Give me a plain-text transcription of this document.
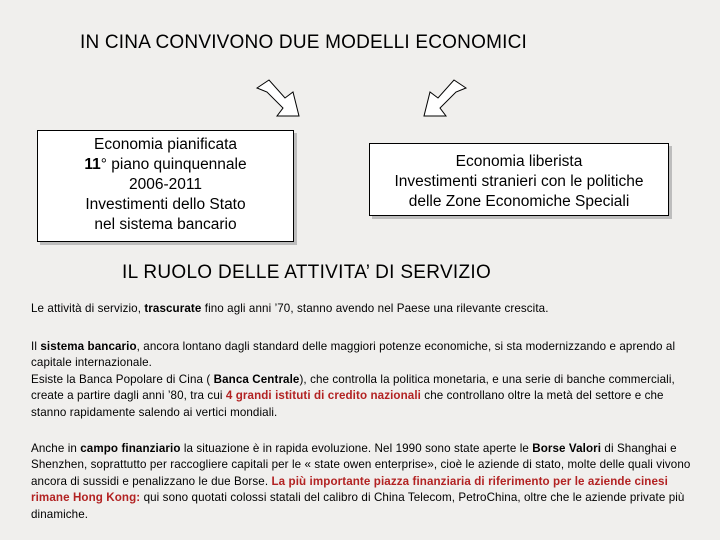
IN CINA CONVIVONO DUE MODELLI ECONOMICI
Economia pianificata
11° piano quinquennale
2006-2011
Investimenti dello Stato
nel sistema bancario
Economia liberista
Investimenti stranieri con le politiche
delle Zone Economiche Speciali
IL RUOLO DELLE ATTIVITA’ DI SERVIZIO
Le attività di servizio, trascurate fino agli anni ’70, stanno avendo nel Paese una rilevante crescita.
Il sistema bancario, ancora lontano dagli standard delle maggiori potenze economiche, si sta modernizzando e aprendo al capitale internazionale.
Esiste la Banca Popolare di Cina ( Banca Centrale), che controlla la politica monetaria, e una serie di banche commerciali, create a partire dagli anni ’80, tra cui 4 grandi istituti di credito nazionali che controllano oltre la metà del settore e che stanno rapidamente salendo ai vertici mondiali.
Anche in campo finanziario la situazione è in rapida evoluzione. Nel 1990 sono state aperte le Borse Valori di Shanghai e Shenzhen, soprattutto per raccogliere capitali per le « state owen enterprise», cioè le aziende di stato, molte delle quali vivono ancora di sussidi e penalizzano le due Borse. La più importante piazza finanziaria di riferimento per le aziende cinesi rimane Hong Kong: qui sono quotati colossi statali del calibro di China Telecom, PetroChina, oltre che le aziende private più dinamiche.
